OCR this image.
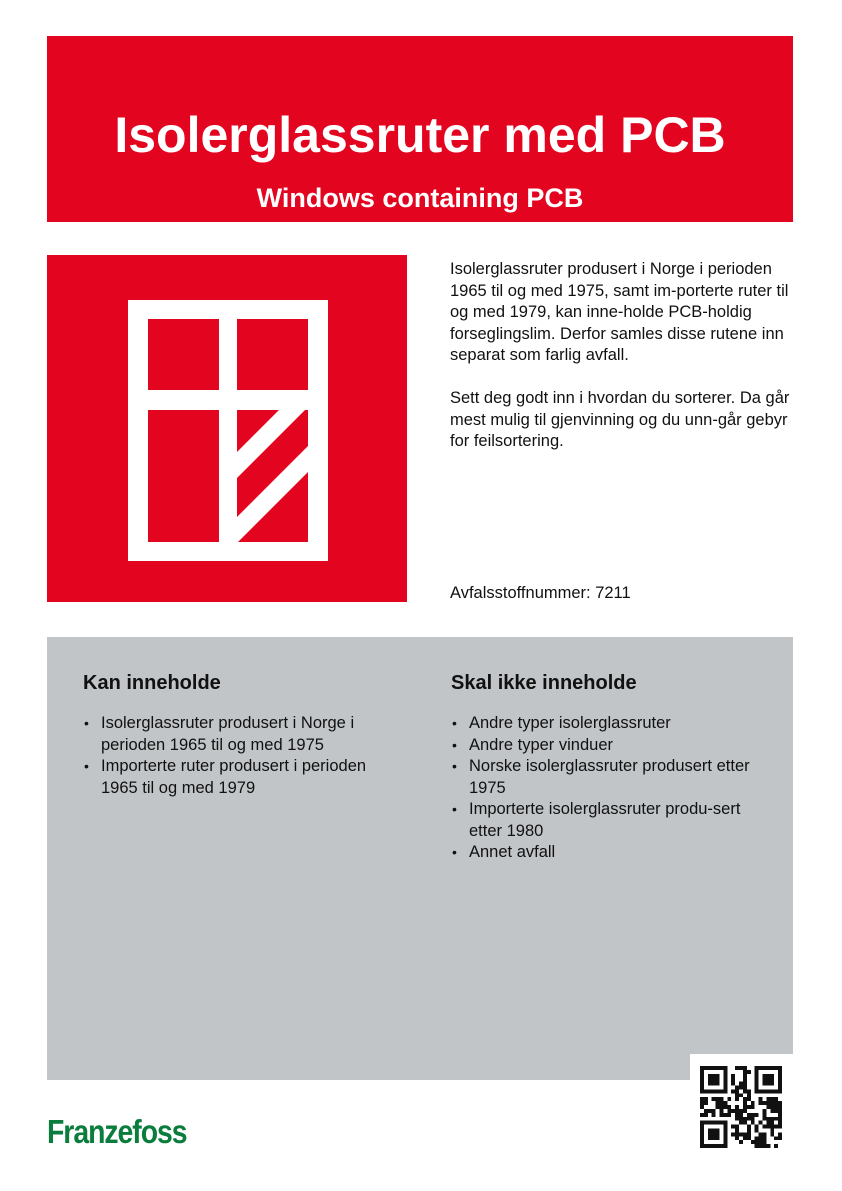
Isolerglassruter med PCB
Windows containing PCB

Isolerglassruter produsert i Norge i perioden 1965 til og med 1975, samt im-porterte ruter til og med 1979, kan inne-holde PCB-holdig forseglingslim. Derfor samles disse rutene inn separat som farlig avfall.

Sett deg godt inn i hvordan du sorterer. Da går mest mulig til gjenvinning og du unn-går gebyr for feilsortering.

Avfalsstoffnummer: 7211
Kan inneholde
• Isolerglassruter produsert i Norge i perioden 1965 til og med 1975
• Importerte ruter produsert i perioden 1965 til og med 1979
Skal ikke inneholde
• Andre typer isolerglassruter
• Andre typer vinduer
• Norske isolerglassruter produsert etter 1975
• Importerte isolerglassruter produ-sert etter 1980
• Annet avfall
Franzefoss
